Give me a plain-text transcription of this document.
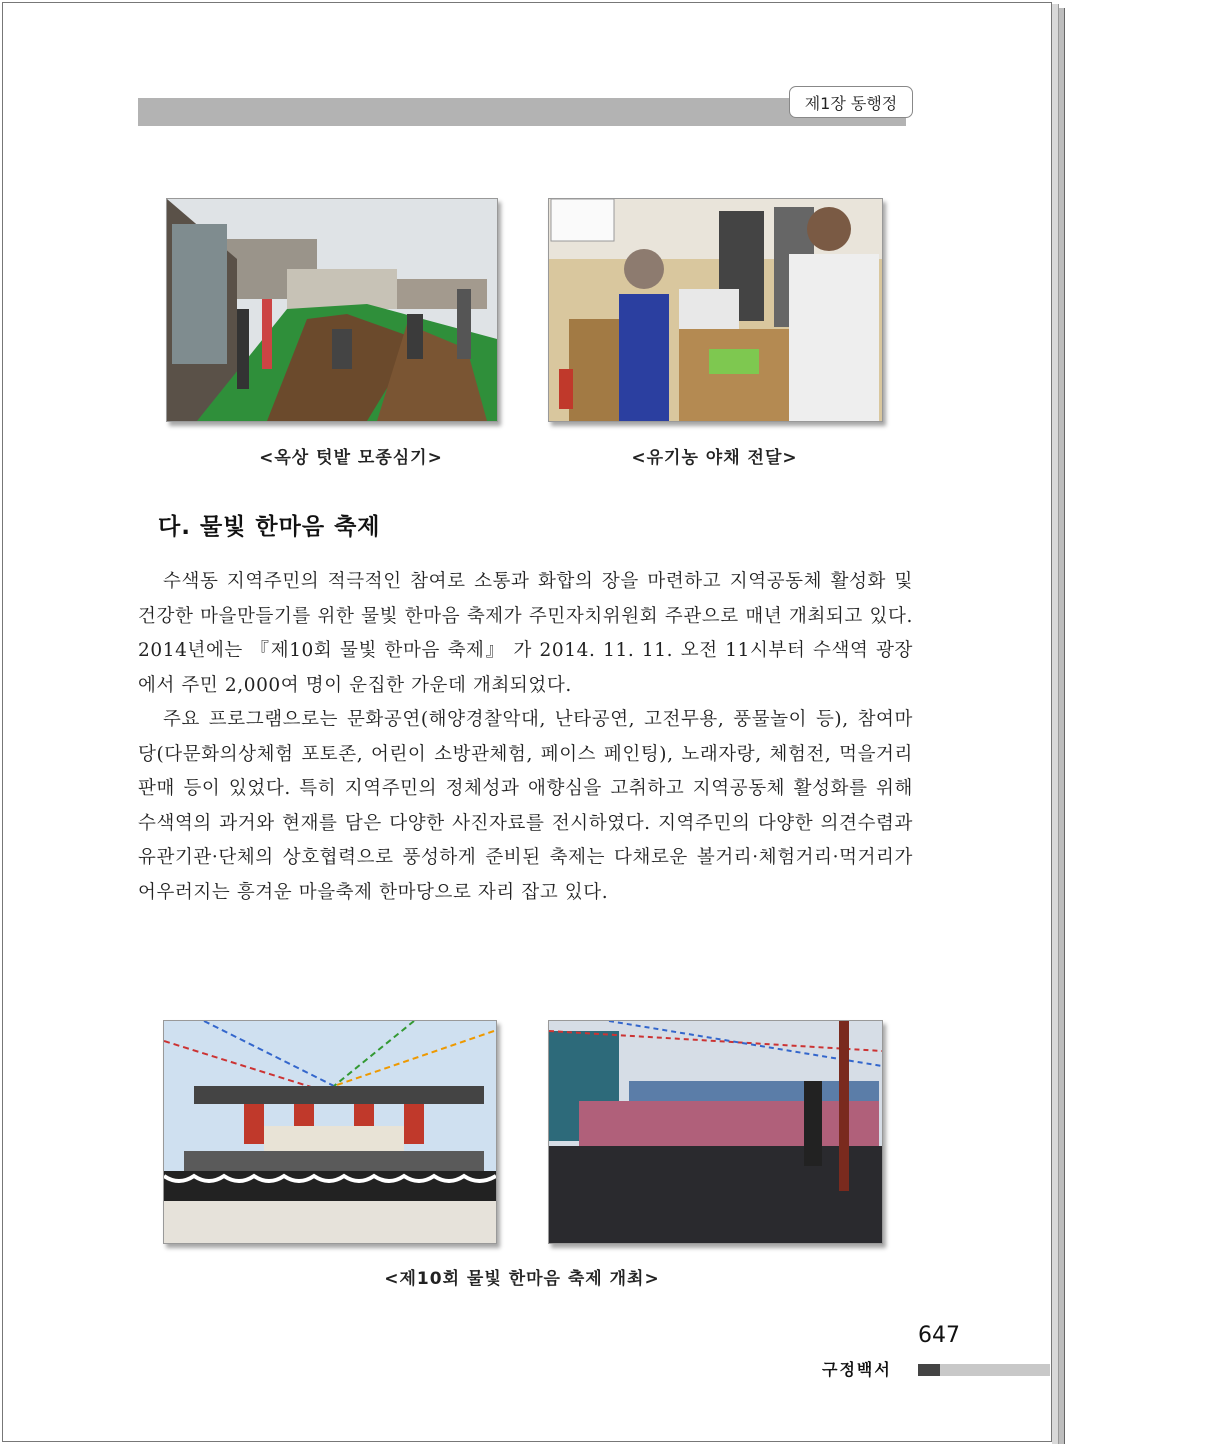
제1장 동행정
<옥상 텃밭 모종심기>	<유기농 야채 전달>
다. 물빛 한마음 축제

수색동 지역주민의 적극적인 참여로 소통과 화합의 장을 마련하고 지역공동체 활성화 및 건강한 마을만들기를 위한 물빛 한마음 축제가 주민자치위원회 주관으로 매년 개최되고 있다. 2014년에는 『제10회 물빛 한마음 축제』 가 2014. 11. 11. 오전 11시부터 수색역 광장에서 주민 2,000여 명이 운집한 가운데 개최되었다.

주요 프로그램으로는 문화공연(해양경찰악대, 난타공연, 고전무용, 풍물놀이 등), 참여마당(다문화의상체험 포토존, 어린이 소방관체험, 페이스 페인팅), 노래자랑, 체험전, 먹을거리 판매 등이 있었다. 특히 지역주민의 정체성과 애향심을 고취하고 지역공동체 활성화를 위해 수색역의 과거와 현재를 담은 다양한 사진자료를 전시하였다. 지역주민의 다양한 의견수렴과 유관기관·단체의 상호협력으로 풍성하게 준비된 축제는 다채로운 볼거리·체험거리·먹거리가 어우러지는 흥겨운 마을축제 한마당으로 자리 잡고 있다.

<제10회 물빛 한마음 축제 개최>
647
구정백서
